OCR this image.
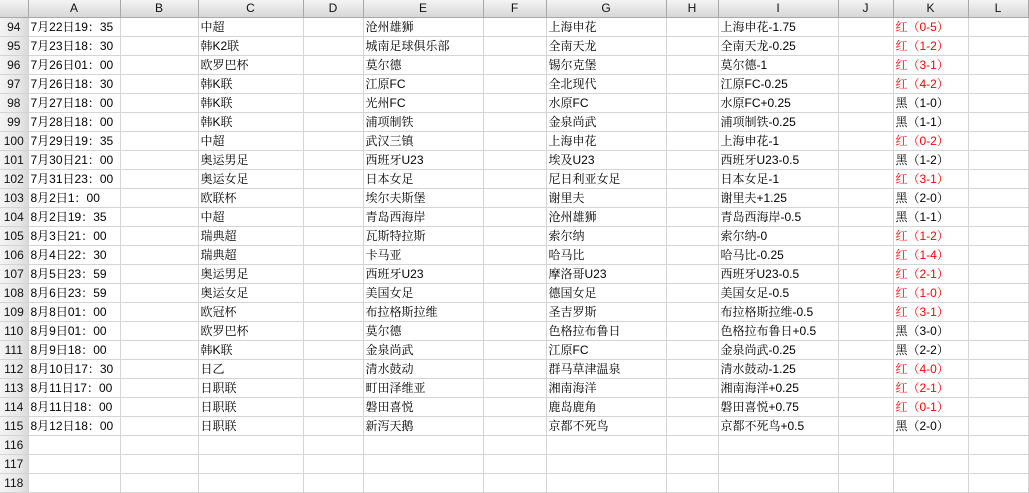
	A	B	C	D	E	F	G	H	I	J	K	L
94	7月22日19：35		中超		沧州雄狮		上海申花		上海申花-1.75		红（0-5）	

95	7月23日18：30		韩K2联		城南足球俱乐部		全南天龙		全南天龙-0.25		红（1-2）	

96	7月26日01：00		欧罗巴杯		莫尔德		锡尔克堡		莫尔德-1		红（3-1）	

97	7月26日18：30		韩K联		江原FC		全北现代		江原FC-0.25		红（4-2）	

98	7月27日18：00		韩K联		光州FC		水原FC		水原FC+0.25		黑（1-0）	

99	7月28日18：00		韩K联		浦项制铁		金泉尚武		浦项制铁-0.25		黑（1-1）	

100	7月29日19：35		中超		武汉三镇		上海申花		上海申花-1		红（0-2）	

101	7月30日21：00		奥运男足		西班牙U23		埃及U23		西班牙U23-0.5		黑（1-2）	

102	7月31日23：00		奥运女足		日本女足		尼日利亚女足		日本女足-1		红（3-1）	

103	8月2日1：00		欧联杯		埃尔夫斯堡		谢里夫		谢里夫+1.25		黑（2-0）	

104	8月2日19：35		中超		青岛西海岸		沧州雄狮		青岛西海岸-0.5		黑（1-1）	

105	8月3日21：00		瑞典超		瓦斯特拉斯		索尔纳		索尔纳-0		红（1-2）	

106	8月4日22：30		瑞典超		卡马亚		哈马比		哈马比-0.25		红（1-4）	

107	8月5日23：59		奥运男足		西班牙U23		摩洛哥U23		西班牙U23-0.5		红（2-1）	

108	8月6日23：59		奥运女足		美国女足		德国女足		美国女足-0.5		红（1-0）	

109	8月8日01：00		欧冠杯		布拉格斯拉维		圣吉罗斯		布拉格斯拉维-0.5		红（3-1）	

110	8月9日01：00		欧罗巴杯		莫尔德		色格拉布鲁日		色格拉布鲁日+0.5		黑（3-0）	

111	8月9日18：00		韩K联		金泉尚武		江原FC		金泉尚武-0.25		黑（2-2）	

112	8月10日17：30		日乙		清水鼓动		群马草津温泉		清水鼓动-1.25		红（4-0）	

113	8月11日17：00		日职联		町田泽维亚		湘南海洋		湘南海洋+0.25		红（2-1）	

114	8月11日18：00		日职联		磐田喜悦		鹿岛鹿角		磐田喜悦+0.75		红（0-1）	

115	8月12日18：00		日职联		新泻天鹅		京都不死鸟		京都不死鸟+0.5		黑（2-0）	

116	

117	

118	
